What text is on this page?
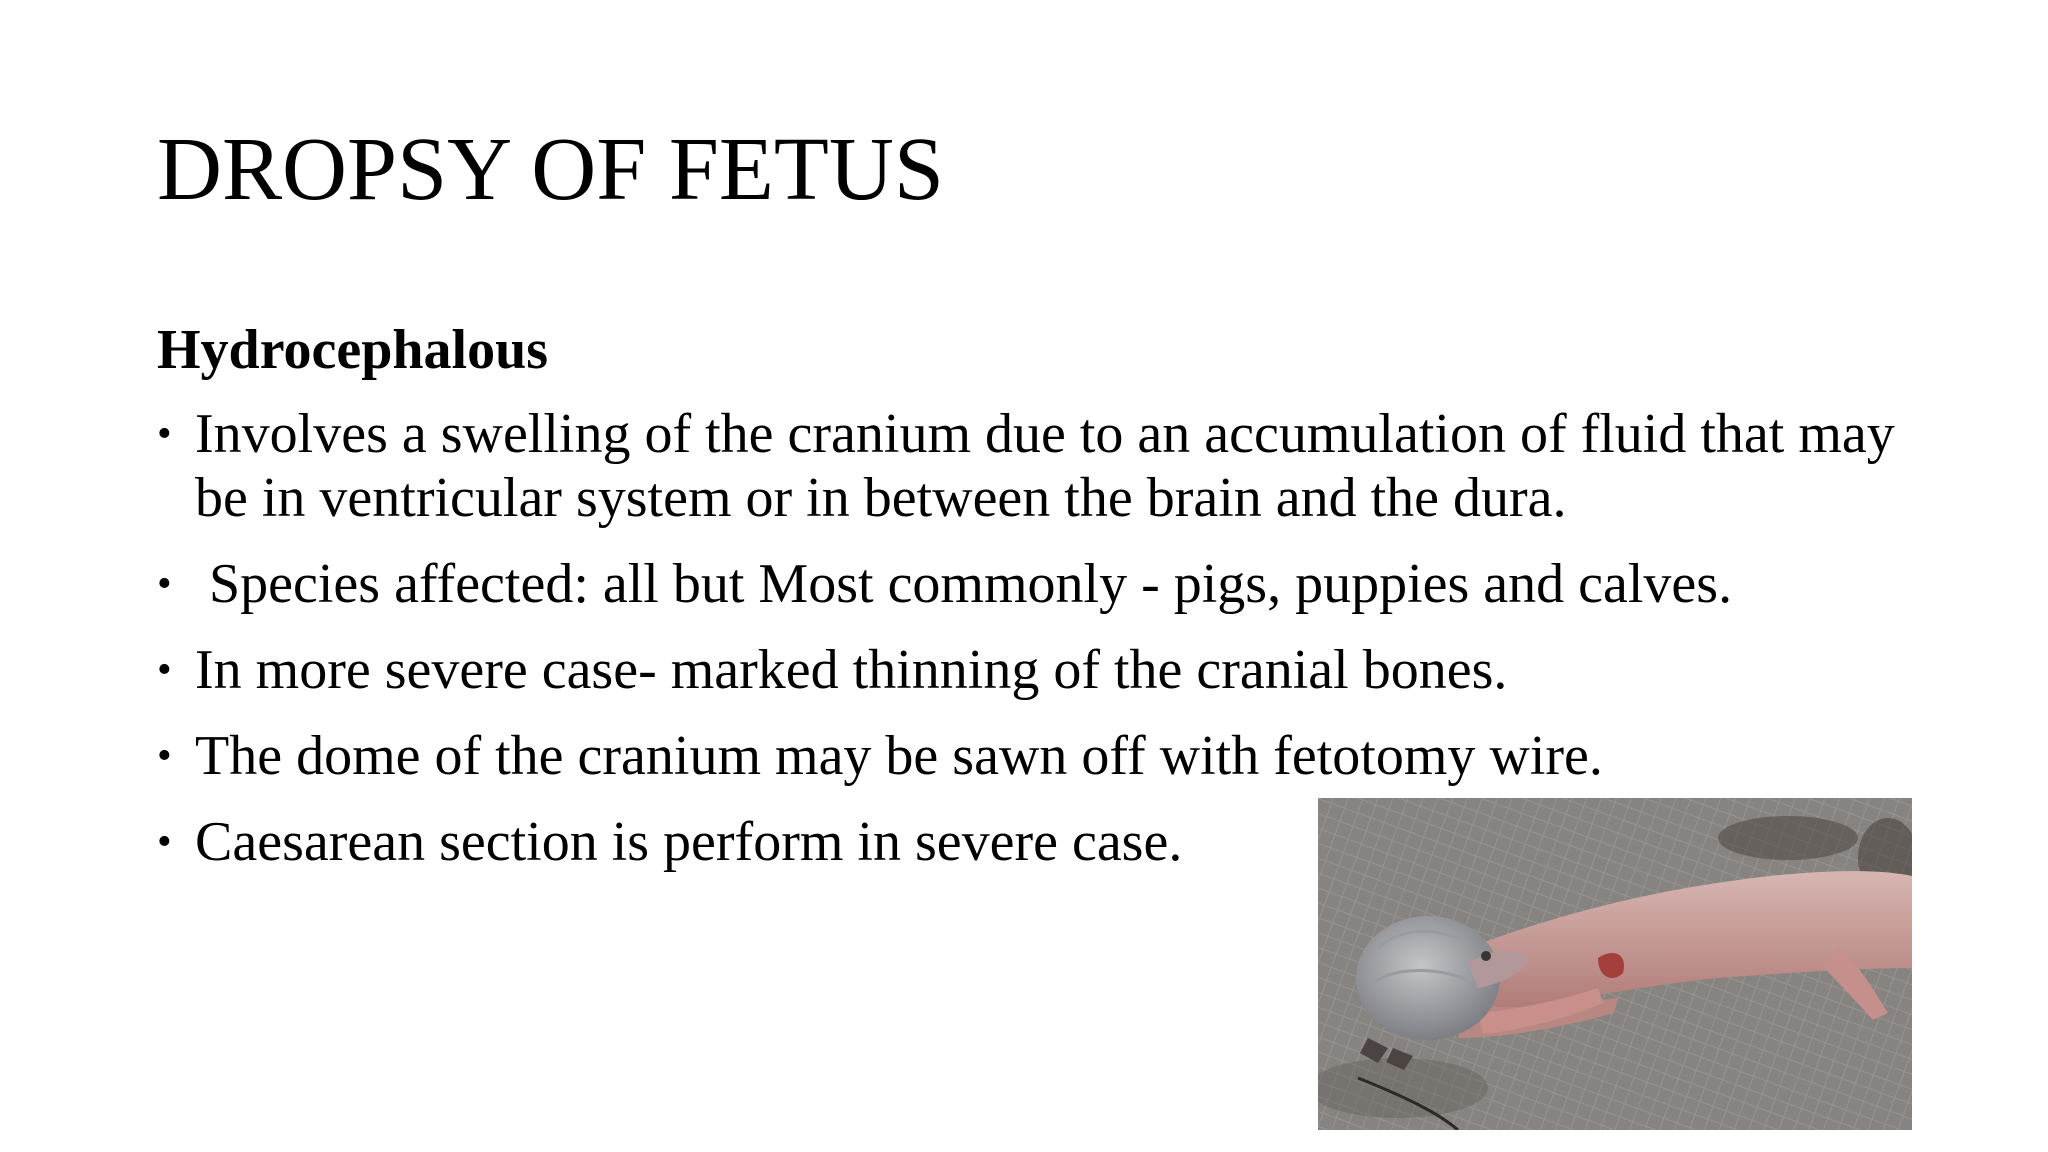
DROPSY OF FETUS
Hydrocephalous
• Involves a swelling of the cranium due to an accumulation of fluid that may be in ventricular system or in between the brain and the dura.
• Species affected: all but Most commonly - pigs, puppies and calves.
• In more severe case- marked thinning of the cranial bones.
• The dome of the cranium may be sawn off with fetotomy wire.
• Caesarean section is perform in severe case.
